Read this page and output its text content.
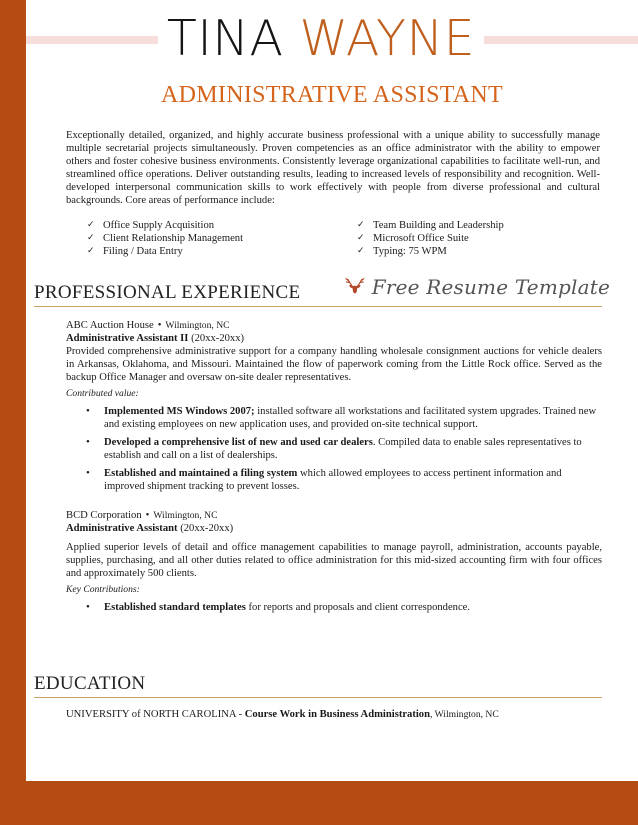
TINA WAYNE
ADMINISTRATIVE ASSISTANT

Exceptionally detailed, organized, and highly accurate business professional with a unique ability to successfully manage multiple secretarial projects simultaneously. Proven competencies as an office administrator with the ability to empower others and foster cohesive business environments. Consistently leverage organizational capabilities to facilitate well-run, and streamlined office operations. Deliver outstanding results, leading to increased levels of responsibility and recognition. Well-developed interpersonal communication skills to work effectively with people from diverse professional and cultural backgrounds. Core areas of performance include:

✓ Office Supply Acquisition	✓ Team Building and Leadership
✓ Client Relationship Management	✓ Microsoft Office Suite
✓ Filing / Data Entry	✓ Typing: 75 WPM
PROFESSIONAL EXPERIENCE	Free Resume Template
ABC Auction House • Wilmington, NC
Administrative Assistant II (20xx-20xx)

Provided comprehensive administrative support for a company handling wholesale consignment auctions for vehicle dealers in Arkansas, Oklahoma, and Missouri. Maintained the flow of paperwork coming from the Little Rock office. Served as the backup Office Manager and oversaw on-site dealer representatives.

Contributed value:
• Implemented MS Windows 2007; installed software all workstations and facilitated system upgrades. Trained new and existing employees on new application uses, and provided on-site technical support.
• Developed a comprehensive list of new and used car dealers. Compiled data to enable sales representatives to establish and call on a list of dealerships.
• Established and maintained a filing system which allowed employees to access pertinent information and improved shipment tracking to prevent losses.
BCD Corporation • Wilmington, NC
Administrative Assistant (20xx-20xx)

Applied superior levels of detail and office management capabilities to manage payroll, administration, accounts payable, supplies, purchasing, and all other duties related to office administration for this mid-sized accounting firm with four offices and approximately 500 clients.

Key Contributions:
• Established standard templates for reports and proposals and client correspondence.
EDUCATION
UNIVERSITY of NORTH CAROLINA - Course Work in Business Administration, Wilmington, NC
